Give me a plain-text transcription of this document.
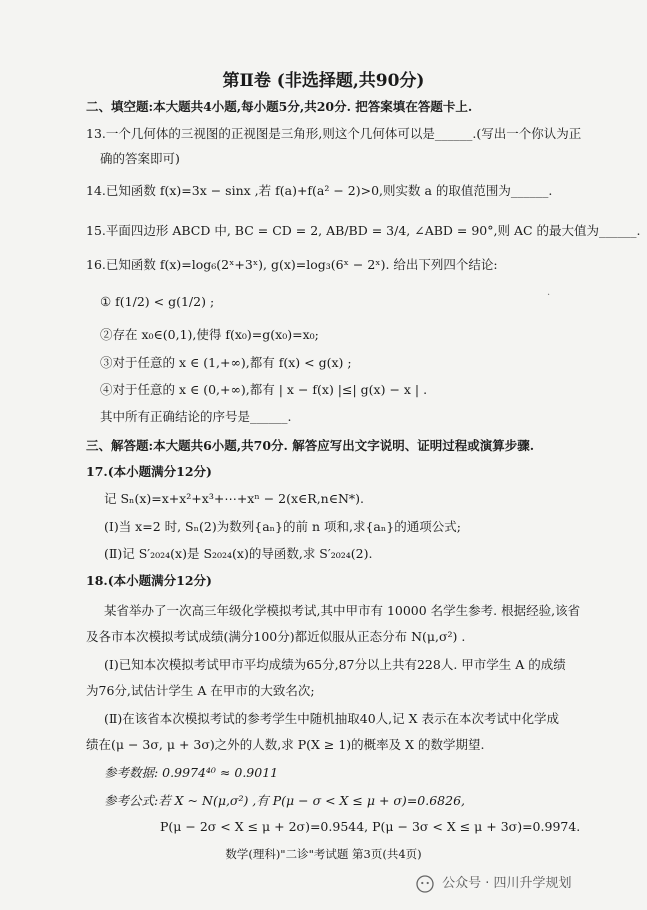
第Ⅱ卷 (非选择题,共90分)
二、填空题:本大题共4小题,每小题5分,共20分. 把答案填在答题卡上.
13.一个几何体的三视图的正视图是三角形,则这个几何体可以是______.(写出一个你认为正
确的答案即可)
14.已知函数 f(x)=3x − sinx ,若 f(a)+f(a² − 2)>0,则实数 a 的取值范围为______.
15.平面四边形 ABCD 中, BC = CD = 2, AB/BD = 3/4, ∠ABD = 90°,则 AC 的最大值为______.
16.已知函数 f(x)=log₆(2ˣ+3ˣ), g(x)=log₃(6ˣ − 2ˣ). 给出下列四个结论:
① f(1/2) < g(1/2) ;
②存在 x₀∈(0,1),使得 f(x₀)=g(x₀)=x₀;
③对于任意的 x ∈ (1,+∞),都有 f(x) < g(x) ;
④对于任意的 x ∈ (0,+∞),都有 | x − f(x) |≤| g(x) − x | .
其中所有正确结论的序号是______.
三、解答题:本大题共6小题,共70分. 解答应写出文字说明、证明过程或演算步骤.
17.(本小题满分12分)
记 Sₙ(x)=x+x²+x³+⋯+xⁿ − 2(x∈R,n∈N*).
(Ⅰ)当 x=2 时, Sₙ(2)为数列{aₙ}的前 n 项和,求{aₙ}的通项公式;
(Ⅱ)记 S′₂₀₂₄(x)是 S₂₀₂₄(x)的导函数,求 S′₂₀₂₄(2).
18.(本小题满分12分)
某省举办了一次高三年级化学模拟考试,其中甲市有 10000 名学生参考. 根据经验,该省
及各市本次模拟考试成绩(满分100分)都近似服从正态分布 N(μ,σ²) .
(Ⅰ)已知本次模拟考试甲市平均成绩为65分,87分以上共有228人. 甲市学生 A 的成绩
为76分,试估计学生 A 在甲市的大致名次;
(Ⅱ)在该省本次模拟考试的参考学生中随机抽取40人,记 X 表示在本次考试中化学成
绩在(μ − 3σ, μ + 3σ)之外的人数,求 P(X ≥ 1)的概率及 X 的数学期望.
参考数据: 0.9974⁴⁰ ≈ 0.9011
参考公式:若 X ~ N(μ,σ²) ,有 P(μ − σ < X ≤ μ + σ)=0.6826,
P(μ − 2σ < X ≤ μ + 2σ)=0.9544, P(μ − 3σ < X ≤ μ + 3σ)=0.9974.
数学(理科)"二诊"考试题 第3页(共4页)
公众号 · 四川升学规划
·
